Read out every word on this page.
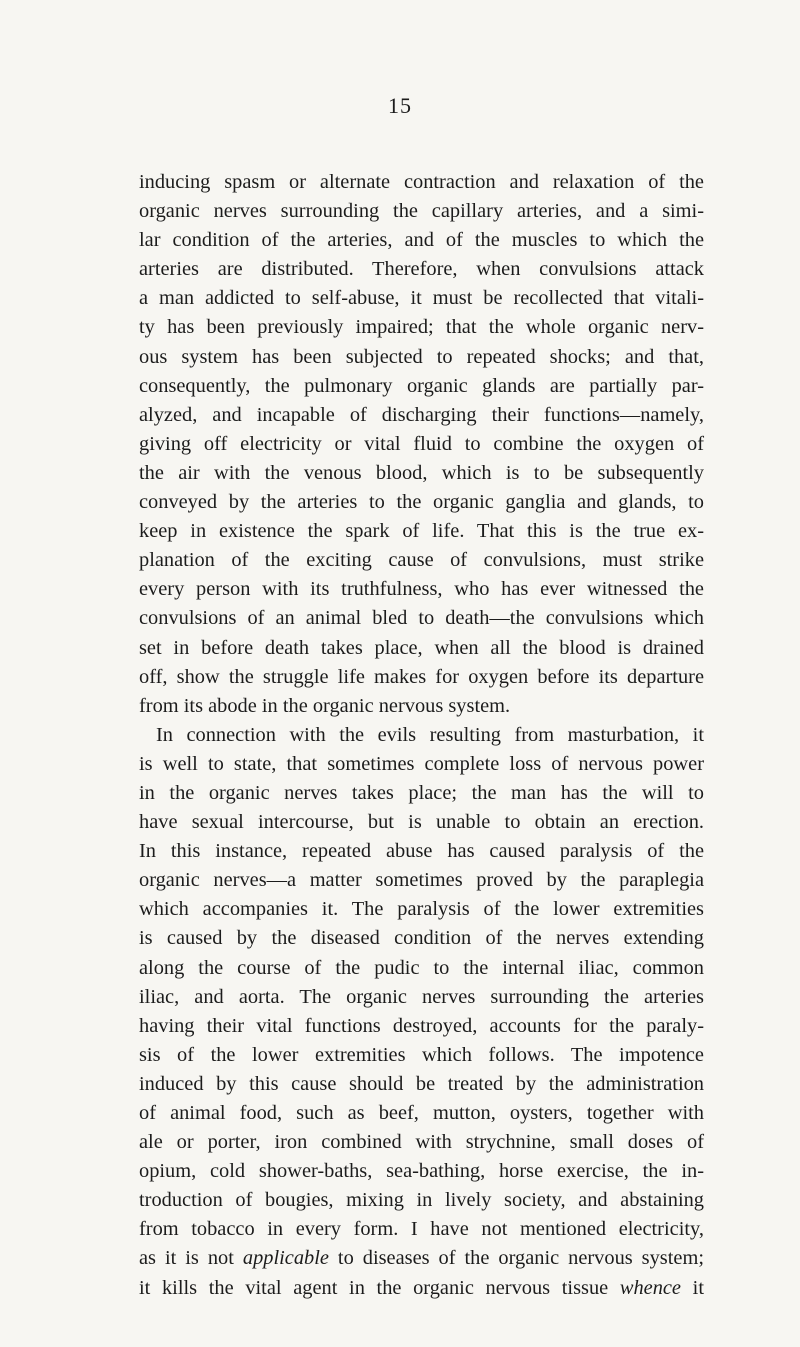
15
inducing spasm or alternate contraction and relaxation of the
organic nerves surrounding the capillary arteries, and a simi-
lar condition of the arteries, and of the muscles to which the
arteries are distributed. Therefore, when convulsions attack
a man addicted to self-abuse, it must be recollected that vitali-
ty has been previously impaired; that the whole organic nerv-
ous system has been subjected to repeated shocks; and that,
consequently, the pulmonary organic glands are partially par-
alyzed, and incapable of discharging their functions—namely,
giving off electricity or vital fluid to combine the oxygen of
the air with the venous blood, which is to be subsequently
conveyed by the arteries to the organic ganglia and glands, to
keep in existence the spark of life. That this is the true ex-
planation of the exciting cause of convulsions, must strike
every person with its truthfulness, who has ever witnessed the
convulsions of an animal bled to death—the convulsions which
set in before death takes place, when all the blood is drained
off, show the struggle life makes for oxygen before its departure
from its abode in the organic nervous system.
In connection with the evils resulting from masturbation, it
is well to state, that sometimes complete loss of nervous power
in the organic nerves takes place; the man has the will to
have sexual intercourse, but is unable to obtain an erection.
In this instance, repeated abuse has caused paralysis of the
organic nerves—a matter sometimes proved by the paraplegia
which accompanies it. The paralysis of the lower extremities
is caused by the diseased condition of the nerves extending
along the course of the pudic to the internal iliac, common
iliac, and aorta. The organic nerves surrounding the arteries
having their vital functions destroyed, accounts for the paraly-
sis of the lower extremities which follows. The impotence
induced by this cause should be treated by the administration
of animal food, such as beef, mutton, oysters, together with
ale or porter, iron combined with strychnine, small doses of
opium, cold shower-baths, sea-bathing, horse exercise, the in-
troduction of bougies, mixing in lively society, and abstaining
from tobacco in every form. I have not mentioned electricity,
as it is not applicable to diseases of the organic nervous system;
it kills the vital agent in the organic nervous tissue whence it
